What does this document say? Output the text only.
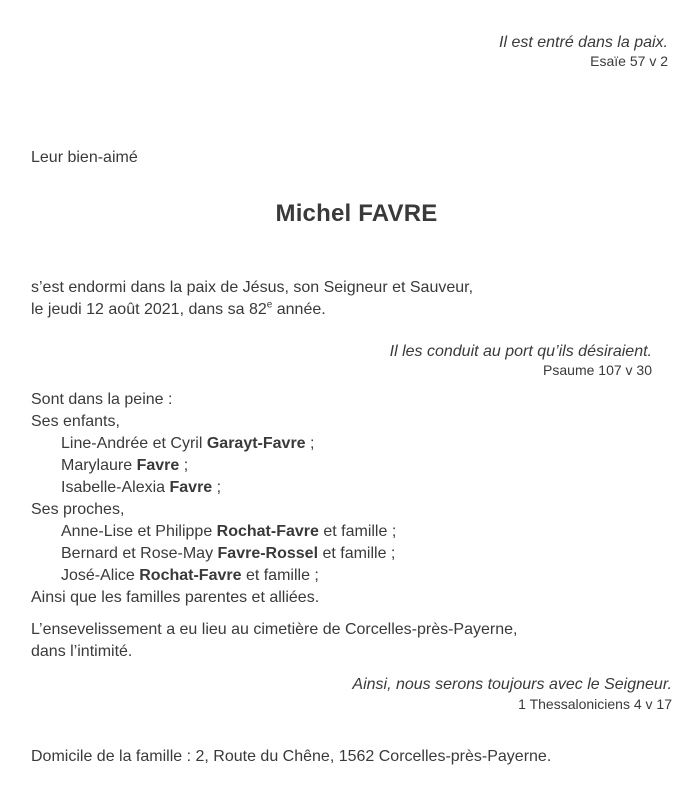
Il est entré dans la paix.
Esaïe 57 v 2
Leur bien-aimé
Michel FAVRE
s’est endormi dans la paix de Jésus, son Seigneur et Sauveur,
le jeudi 12 août 2021, dans sa 82e année.
Il les conduit au port qu’ils désiraient.
Psaume 107 v 30
Sont dans la peine :
Ses enfants,
Line-Andrée et Cyril Garayt-Favre ;
Marylaure Favre ;
Isabelle-Alexia Favre ;
Ses proches,
Anne-Lise et Philippe Rochat-Favre et famille ;
Bernard et Rose-May Favre-Rossel et famille ;
José-Alice Rochat-Favre et famille ;
Ainsi que les familles parentes et alliées.
L’ensevelissement a eu lieu au cimetière de Corcelles-près-Payerne,
dans l’intimité.
Ainsi, nous serons toujours avec le Seigneur.
1 Thessaloniciens 4 v 17
Domicile de la famille : 2, Route du Chêne, 1562 Corcelles-près-Payerne.
